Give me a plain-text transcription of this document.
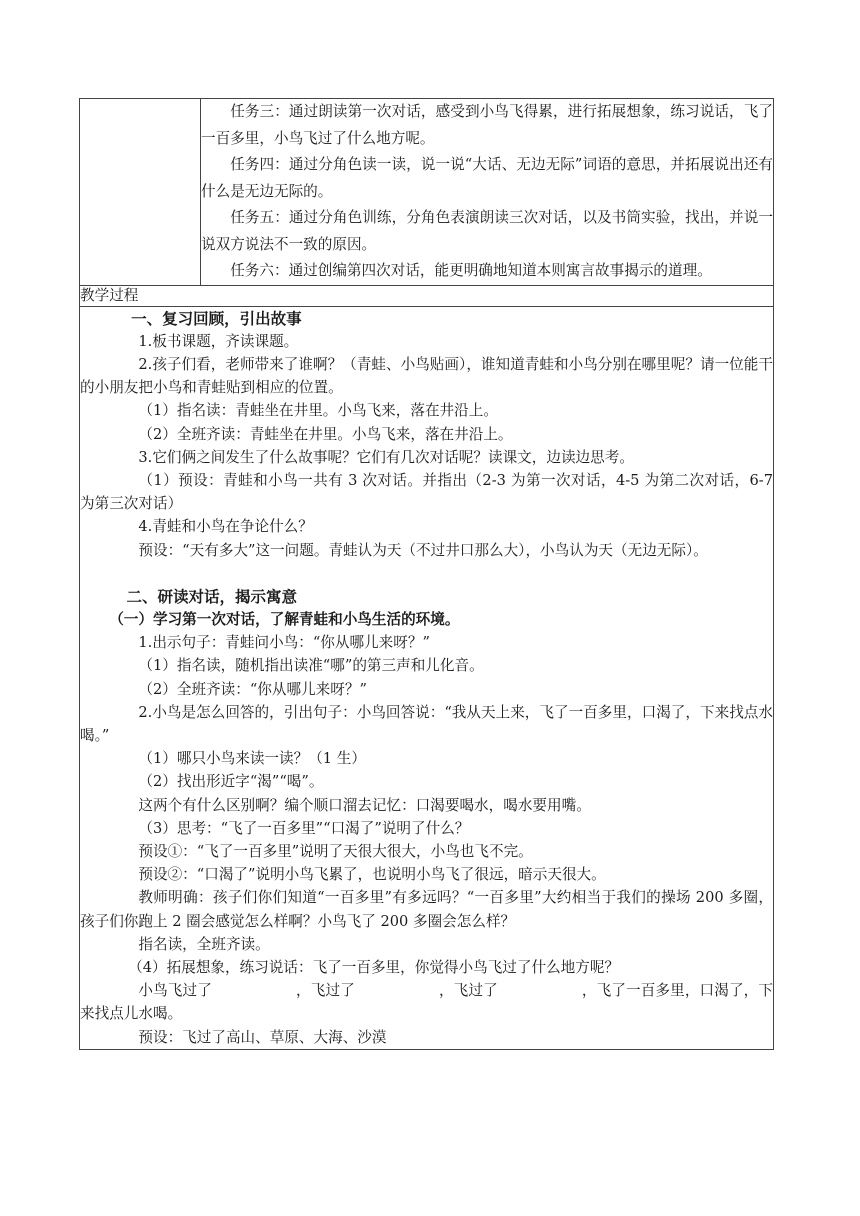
任务三：通过朗读第一次对话，感受到小鸟飞得累，进行拓展想象，练习说话，飞了一百多里，小鸟飞过了什么地方呢。

任务四：通过分角色读一读，说一说“大话、无边无际”词语的意思，并拓展说出还有什么是无边无际的。

任务五：通过分角色训练，分角色表演朗读三次对话，以及书筒实验，找出，并说一说双方说法不一致的原因。

任务六：通过创编第四次对话，能更明确地知道本则寓言故事揭示的道理。

教学过程

一、复习回顾，引出故事

1.板书课题，齐读课题。

2.孩子们看，老师带来了谁啊？（青蛙、小鸟贴画），谁知道青蛙和小鸟分别在哪里呢？请一位能干的小朋友把小鸟和青蛙贴到相应的位置。

（1）指名读：青蛙坐在井里。小鸟飞来，落在井沿上。

（2）全班齐读：青蛙坐在井里。小鸟飞来，落在井沿上。

3.它们俩之间发生了什么故事呢？它们有几次对话呢？读课文，边读边思考。

（1）预设：青蛙和小鸟一共有 3 次对话。并指出（2-3 为第一次对话，4-5 为第二次对话，6-7 为第三次对话）

4.青蛙和小鸟在争论什么？

预设：“天有多大”这一问题。青蛙认为天（不过井口那么大），小鸟认为天（无边无际）。

二、研读对话，揭示寓意

（一）学习第一次对话，了解青蛙和小鸟生活的环境。

1.出示句子：青蛙问小鸟：“你从哪儿来呀？”

（1）指名读，随机指出读准“哪”的第三声和儿化音。

（2）全班齐读：“你从哪儿来呀？”

2.小鸟是怎么回答的，引出句子：小鸟回答说：“我从天上来，飞了一百多里，口渴了，下来找点水喝。”

（1）哪只小鸟来读一读？（1 生）

（2）找出形近字“渴”“喝”。

这两个有什么区别啊？编个顺口溜去记忆：口渴要喝水，喝水要用嘴。

（3）思考：“飞了一百多里”“口渴了”说明了什么？

预设①：“飞了一百多里”说明了天很大很大，小鸟也飞不完。

预设②：“口渴了”说明小鸟飞累了，也说明小鸟飞了很远，暗示天很大。

教师明确：孩子们你们知道“一百多里”有多远吗？“一百多里”大约相当于我们的操场 200 多圈，孩子们你跑上 2 圈会感觉怎么样啊？小鸟飞了 200 多圈会怎么样？

指名读，全班齐读。

（4）拓展想象，练习说话：飞了一百多里，你觉得小鸟飞过了什么地方呢？

小鸟飞过了	，飞过了	，飞过了	，飞了一百多里，口渴了，下来找点儿水喝。

预设：飞过了高山、草原、大海、沙漠
